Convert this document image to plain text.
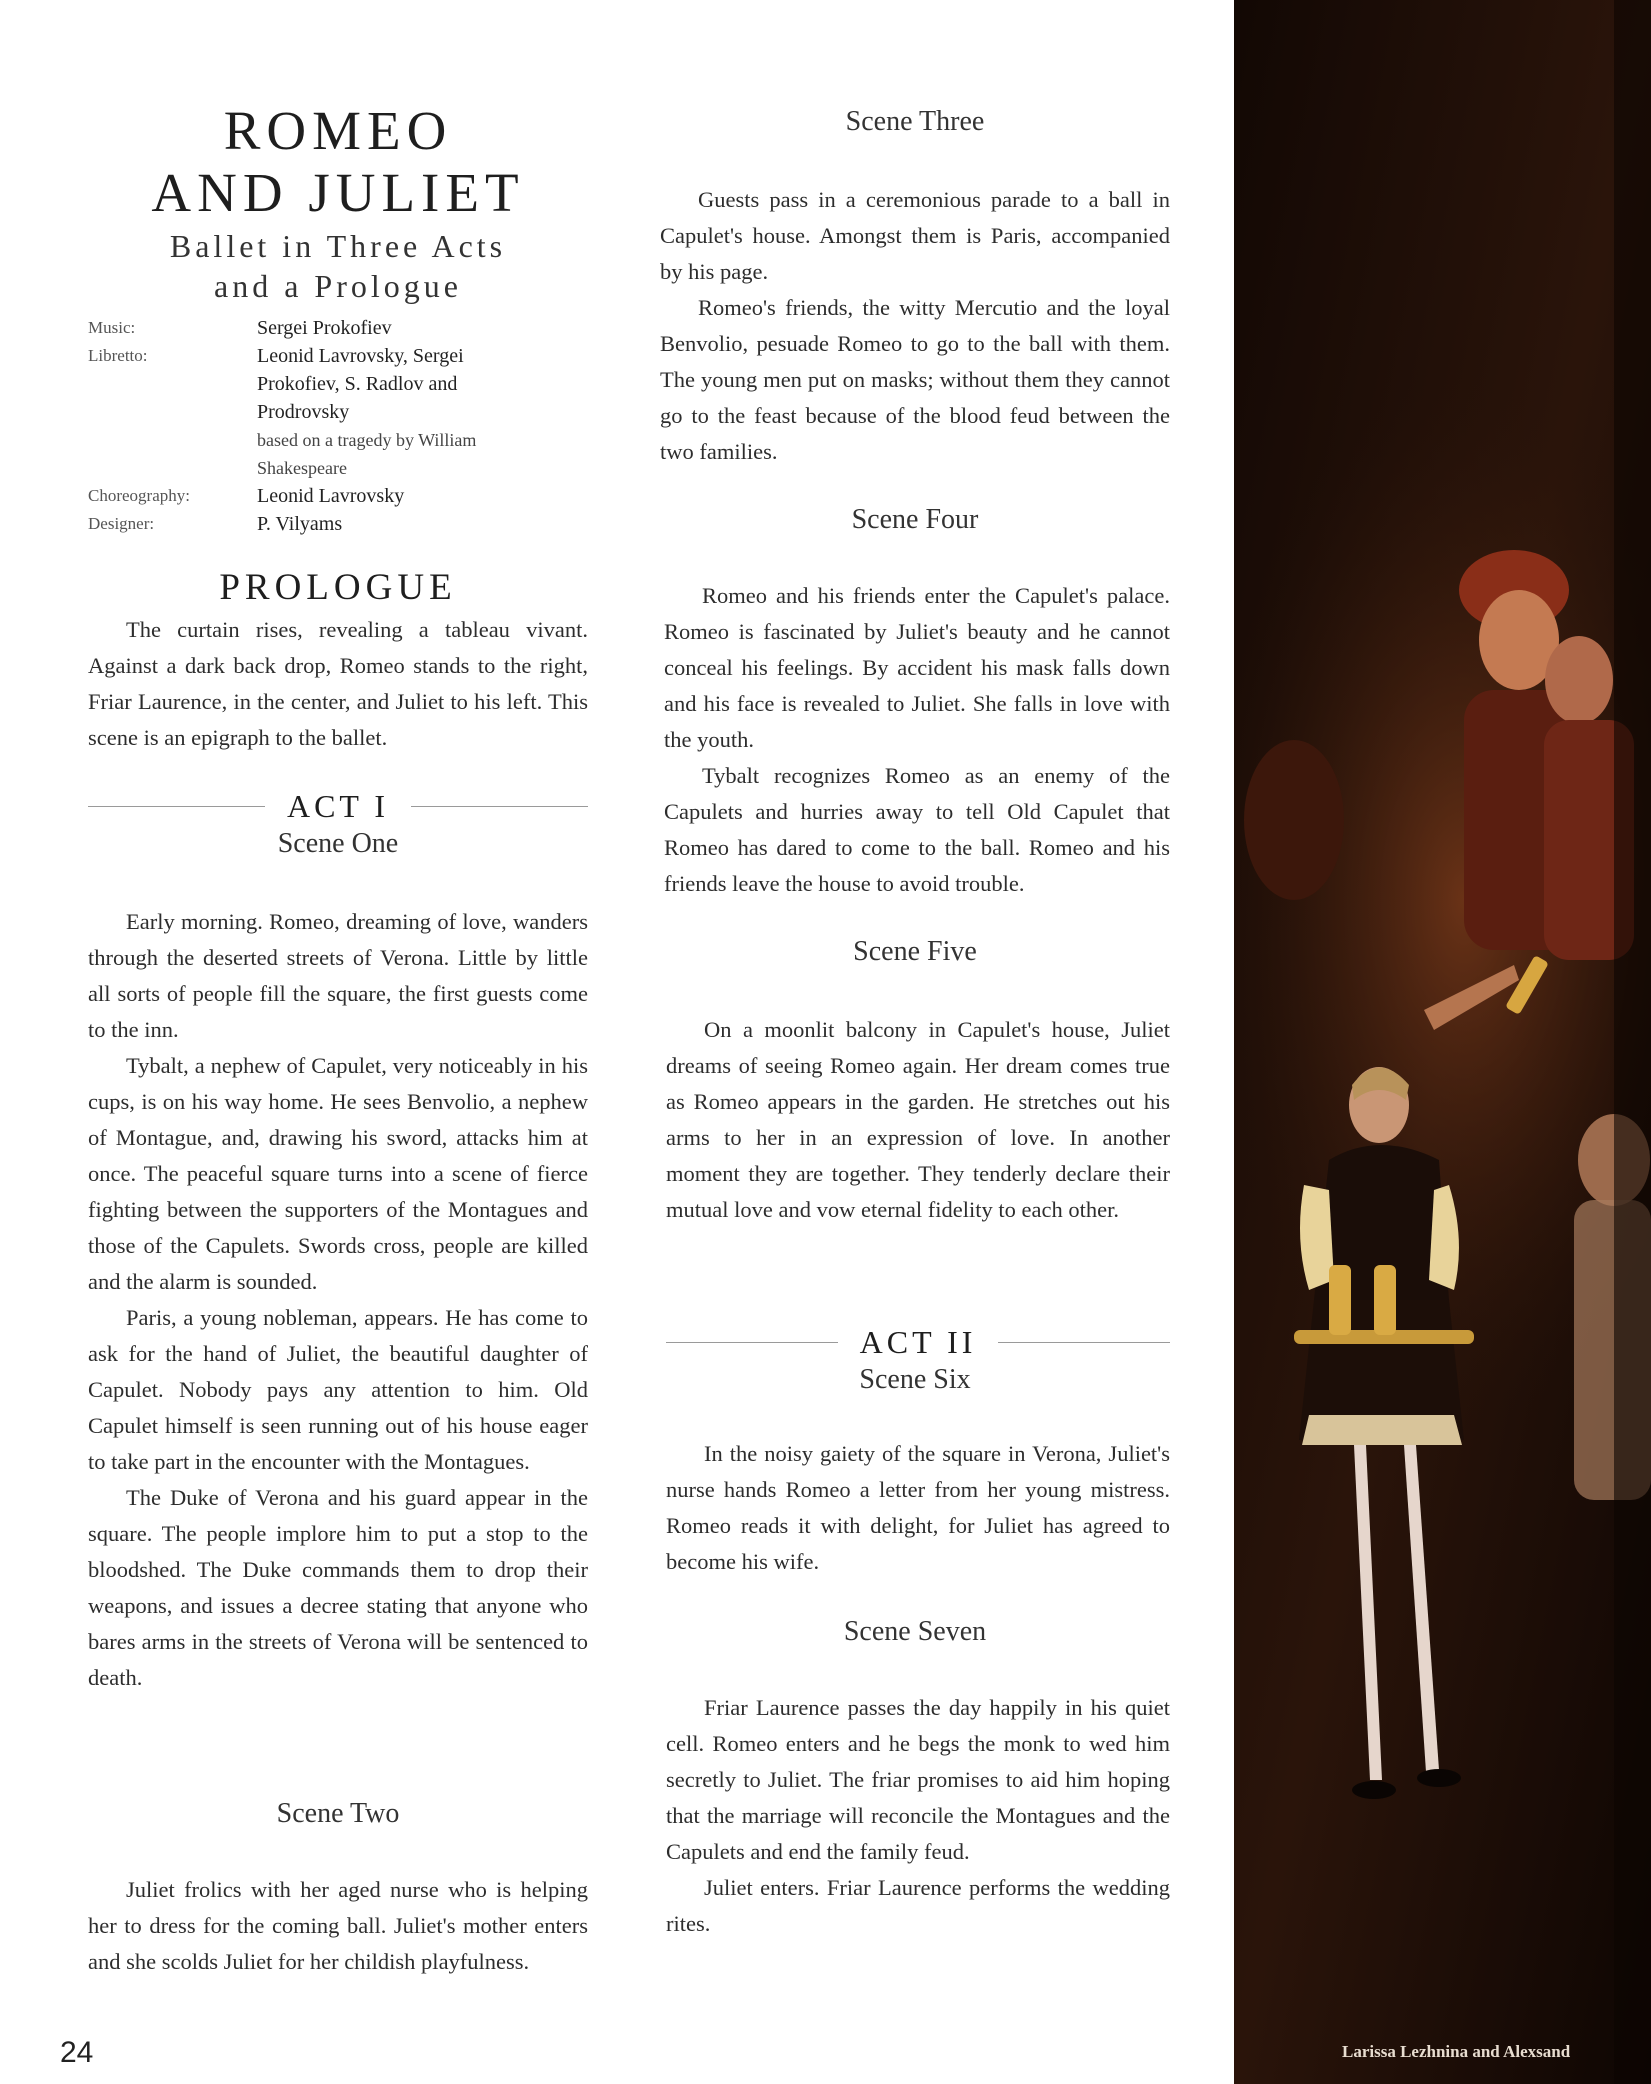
ROMEO
AND JULIET
Ballet in Three Acts
and a Prologue
Music:	Sergei Prokofiev
Libretto:	Leonid Lavrovsky, Sergei
Prokofiev, S. Radlov and
Prodrovsky
based on a tragedy by William
Shakespeare

Choreography:	Leonid Lavrovsky
Designer:	P. Vilyams
PROLOGUE

The curtain rises, revealing a tableau vivant. Against a dark back drop, Romeo stands to the right, Friar Laurence, in the center, and Juliet to his left. This scene is an epigraph to the ballet.

ACT I
Scene One

Early morning. Romeo, dreaming of love, wanders through the deserted streets of Verona. Little by little all sorts of people fill the square, the first guests come to the inn.

Tybalt, a nephew of Capulet, very noticeably in his cups, is on his way home. He sees Benvolio, a nephew of Montague, and, drawing his sword, attacks him at once. The peaceful square turns into a scene of fierce fighting between the supporters of the Montagues and those of the Capulets. Swords cross, people are killed and the alarm is sounded.

Paris, a young nobleman, appears. He has come to ask for the hand of Juliet, the beautiful daughter of Capulet. Nobody pays any attention to him. Old Capulet himself is seen running out of his house eager to take part in the encounter with the Montagues.

The Duke of Verona and his guard appear in the square. The people implore him to put a stop to the bloodshed. The Duke commands them to drop their weapons, and issues a decree stating that anyone who bares arms in the streets of Verona will be sentenced to death.

Scene Two

Juliet frolics with her aged nurse who is helping her to dress for the coming ball. Juliet's mother enters and she scolds Juliet for her childish playfulness.

Scene Three

Guests pass in a ceremonious parade to a ball in Capulet's house. Amongst them is Paris, accompanied by his page.

Romeo's friends, the witty Mercutio and the loyal Benvolio, pesuade Romeo to go to the ball with them. The young men put on masks; without them they cannot go to the feast because of the blood feud between the two families.

Scene Four

Romeo and his friends enter the Capulet's palace. Romeo is fascinated by Juliet's beauty and he cannot conceal his feelings. By accident his mask falls down and his face is revealed to Juliet. She falls in love with the youth.

Tybalt recognizes Romeo as an enemy of the Capulets and hurries away to tell Old Capulet that Romeo has dared to come to the ball. Romeo and his friends leave the house to avoid trouble.

Scene Five

On a moonlit balcony in Capulet's house, Juliet dreams of seeing Romeo again. Her dream comes true as Romeo appears in the garden. He stretches out his arms to her in an expression of love. In another moment they are together. They tenderly declare their mutual love and vow eternal fidelity to each other.

ACT II
Scene Six

In the noisy gaiety of the square in Verona, Juliet's nurse hands Romeo a letter from her young mistress. Romeo reads it with delight, for Juliet has agreed to become his wife.

Scene Seven

Friar Laurence passes the day happily in his quiet cell. Romeo enters and he begs the monk to wed him secretly to Juliet. The friar promises to aid him hoping that the marriage will reconcile the Montagues and the Capulets and end the family feud.

Juliet enters. Friar Laurence performs the wedding rites.

Larissa Lezhnina and Alexsand
24
